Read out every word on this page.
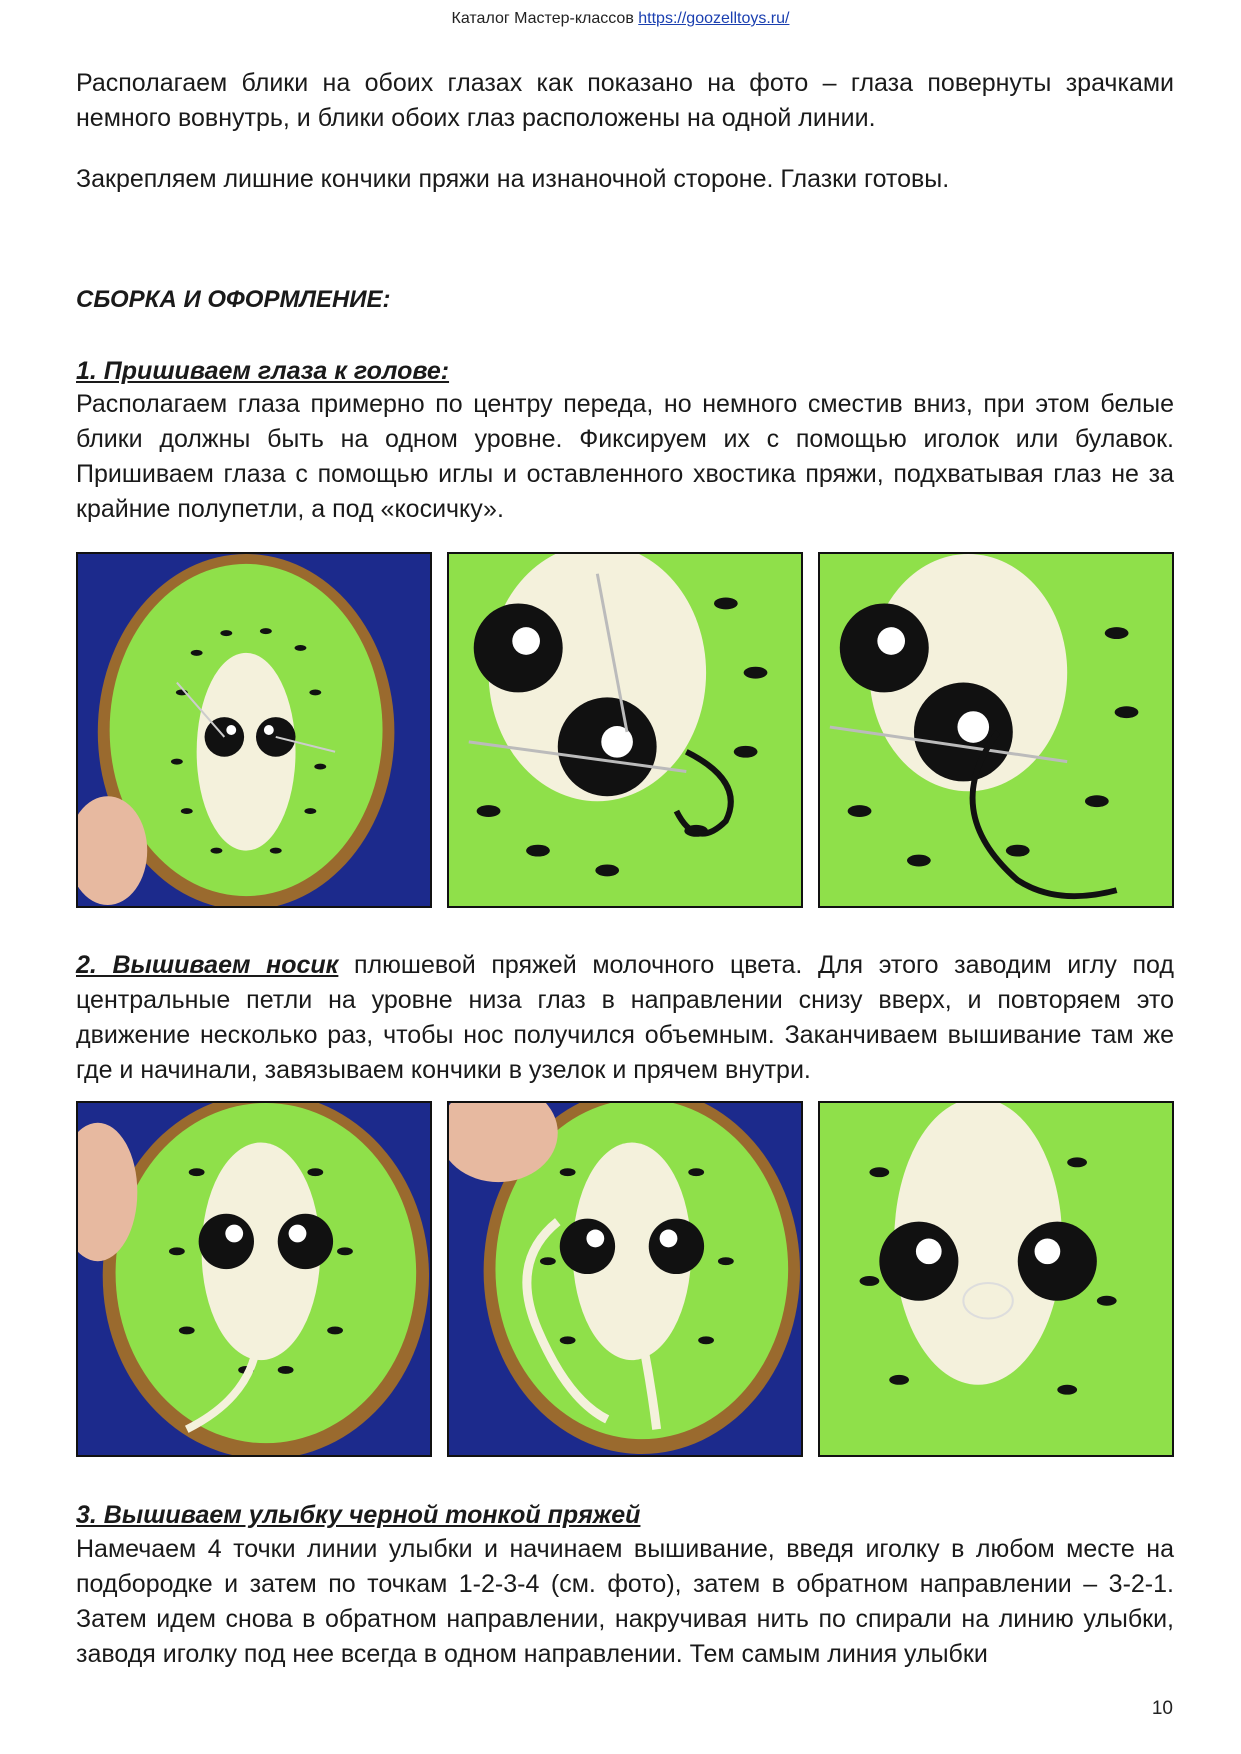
Каталог Мастер-классов https://goozelltoys.ru/

Располагаем блики на обоих глазах как показано на фото – глаза повернуты зрачками немного вовнутрь, и блики обоих глаз расположены на одной линии.

Закрепляем лишние кончики пряжи на изнаночной стороне. Глазки готовы.

СБОРКА И ОФОРМЛЕНИЕ:

1. Пришиваем глаза к голове:

Располагаем глаза примерно по центру переда, но немного сместив вниз, при этом белые блики должны быть на одном уровне. Фиксируем их с помощью иголок или булавок. Пришиваем глаза с помощью иглы и оставленного хвостика пряжи, подхватывая глаз не за крайние полупетли, а под «косичку».

2. Вышиваем носик плюшевой пряжей молочного цвета. Для этого заводим иглу под центральные петли на уровне низа глаз в направлении снизу вверх, и повторяем это движение несколько раз, чтобы нос получился объемным. Заканчиваем вышивание там же где и начинали, завязываем кончики в узелок и прячем внутри.

3. Вышиваем улыбку черной тонкой пряжей

Намечаем 4 точки линии улыбки и начинаем вышивание, введя иголку в любом месте на подбородке и затем по точкам 1-2-3-4 (см. фото), затем в обратном направлении – 3-2-1. Затем идем снова в обратном направлении, накручивая нить по спирали на линию улыбки, заводя иголку под нее всегда в одном направлении. Тем самым линия улыбки

10
